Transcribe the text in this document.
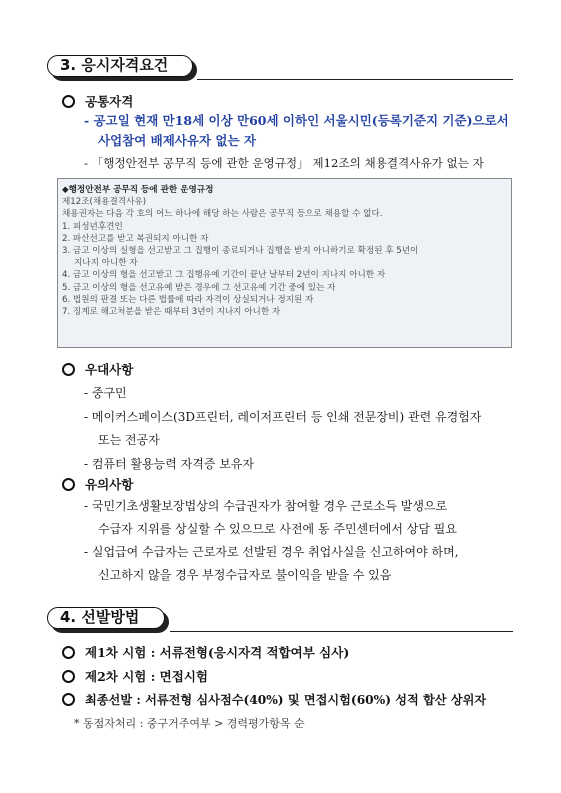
3. 응시자격요건
공통자격
- 공고일 현재 만18세 이상 만60세 이하인 서울시민(등록기준지 기준)으로서
사업참여 배제사유자 없는 자
- 「행정안전부 공무직 등에 관한 운영규정」 제12조의 채용결격사유가 없는 자
◆행정안전부 공무직 등에 관한 운영규정
제12조(채용결격사유)
채용권자는 다음 각 호의 어느 하나에 해당 하는 사람은 공무직 등으로 채용할 수 없다.
1. 피성년후견인
2. 파산선고를 받고 복권되지 아니한 자
3. 금고 이상의 실형을 선고받고 그 집행이 종료되거나 집행을 받지 아니하기로 확정된 후 5년이
지나지 아니한 자
4. 금고 이상의 형을 선고받고 그 집행유예 기간이 끝난 날부터 2년이 지나지 아니한 자
5. 금고 이상의 형을 선고유예 받은 경우에 그 선고유예 기간 중에 있는 자
6. 법원의 판결 또는 다른 법률에 따라 자격이 상실되거나 정지된 자
7. 징계로 해고처분을 받은 때부터 3년이 지나지 아니한 자
우대사항
- 중구민
- 메이커스페이스(3D프린터, 레이저프린터 등 인쇄 전문장비) 관련 유경험자
또는 전공자
- 컴퓨터 활용능력 자격증 보유자
유의사항
- 국민기초생활보장법상의 수급권자가 참여할 경우 근로소득 발생으로
수급자 지위를 상실할 수 있으므로 사전에 동 주민센터에서 상담 필요
- 실업급여 수급자는 근로자로 선발된 경우 취업사실을 신고하여야 하며,
신고하지 않을 경우 부정수급자로 불이익을 받을 수 있음
4. 선발방법
제1차 시험 : 서류전형(응시자격 적합여부 심사)
제2차 시험 : 면접시험
최종선발 : 서류전형 심사점수(40%) 및 면접시험(60%) 성적 합산 상위자
* 동점자처리 : 중구거주여부 > 경력평가항목 순
